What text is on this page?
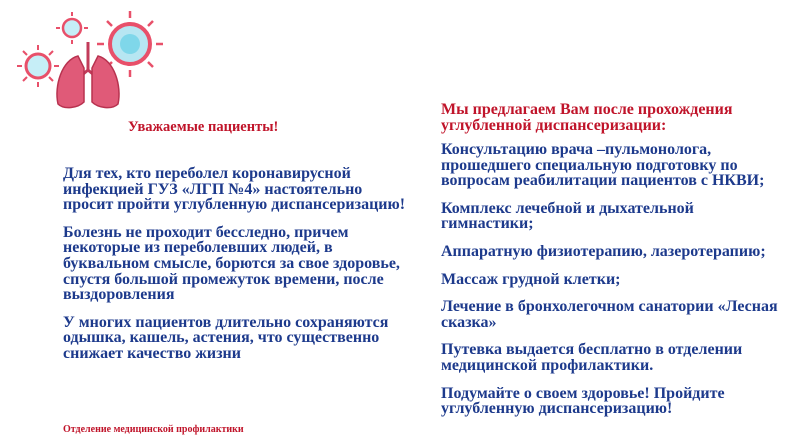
Уважаемые пациенты!

Для тех, кто переболел коронавирусной инфекцией ГУЗ «ЛГП №4» настоятельно просит пройти углубленную диспансеризацию!

Болезнь не проходит бесследно, причем некоторые из переболевших людей, в буквальном смысле, борются за свое здоровье, спустя большой промежуток времени, после выздоровления

У многих пациентов длительно сохраняются одышка, кашель, астения, что существенно снижает качество жизни

Мы предлагаем Вам после прохождения углубленной диспансеризации:

Консультацию врача –пульмонолога, прошедшего специальную подготовку по вопросам реабилитации пациентов с НКВИ;

Комплекс лечебной и дыхательной гимнастики;

Аппаратную физиотерапию, лазеротерапию;

Массаж грудной клетки;

Лечение в бронхолегочном санатории «Лесная сказка»

Путевка выдается бесплатно в отделении медицинской профилактики.

Подумайте о своем здоровье! Пройдите углубленную диспансеризацию!

Отделение медицинской профилактики
